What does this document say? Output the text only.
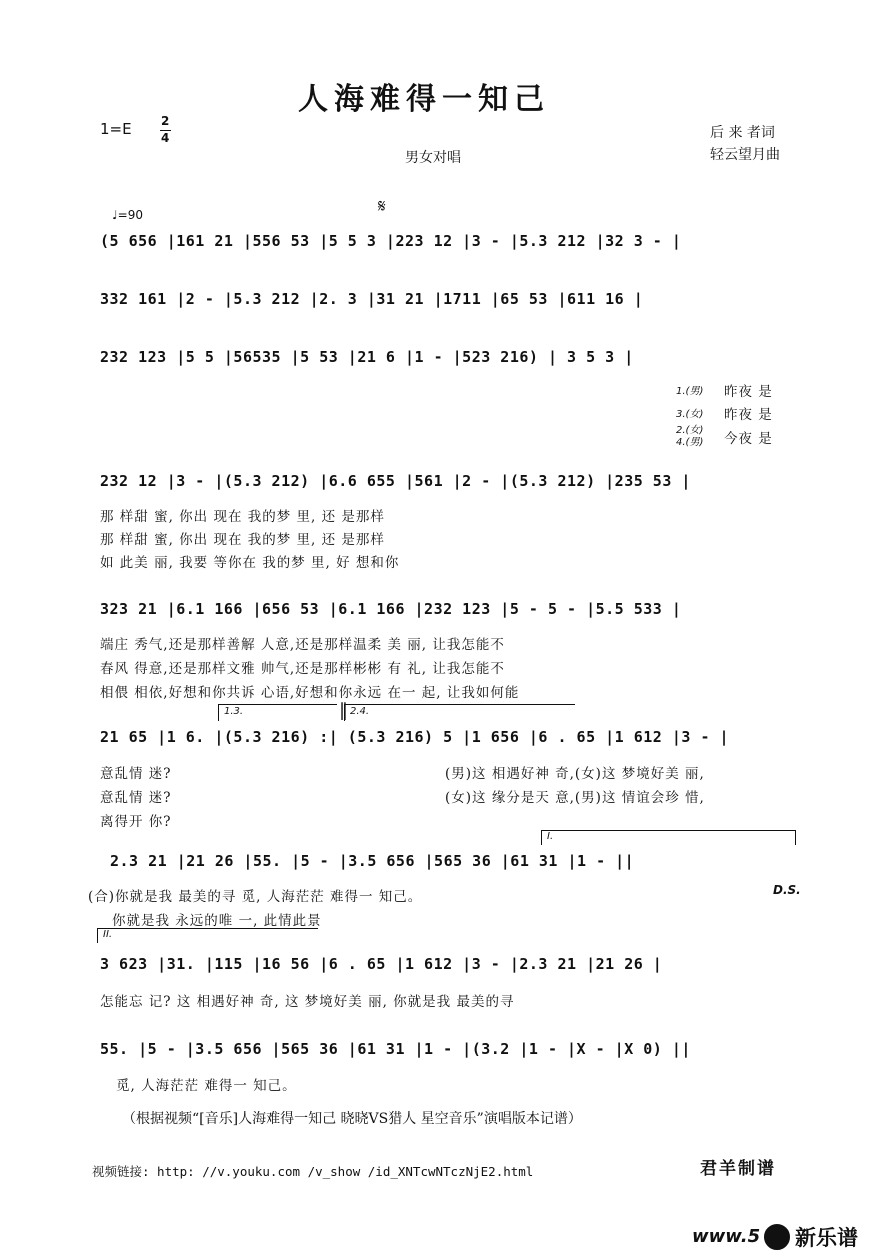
人海难得一知己
1=E 2
4
男女对唱
后 来 者词
轻云望月曲
♩=90	𝄋
(5 656 |161 21 |556 53 |5 5 3 |223 12 |3 - |5.3 212 |32 3 - |
332 161 |2 - |5.3 212 |2. 3 |31 21 |1711 |65 53 |611 16 |
232 123 |5 5 |56535 |5 53 |21 6 |1 - |523 216) | 3 5 3 |
1.(男) 昨夜 是
3.(女) 昨夜 是
2.(女)
4.(男) 今夜 是
232 12 |3 - |(5.3 212) |6.6 655 |561 |2 - |(5.3 212) |235 53 |
那 样甜 蜜, 你出 现在 我的梦 里, 还 是那样
那 样甜 蜜, 你出 现在 我的梦 里, 还 是那样
如 此美 丽, 我要 等你在 我的梦 里, 好 想和你
323 21 |6.1 166 |656 53 |6.1 166 |232 123 |5 - 5 - |5.5 533 |
端庄 秀气,还是那样善解 人意,还是那样温柔 美 丽, 让我怎能不
春风 得意,还是那样文雅 帅气,还是那样彬彬 有 礼, 让我怎能不
相偎 相依,好想和你共诉 心语,好想和你永远 在一 起, 让我如何能
1.3.	‖ 2.4.
21 65 |1 6. |(5.3 216) :| (5.3 216) 5 |1 656 |6 . 65 |1 612 |3 - |
意乱情 迷?	(男)这 相遇好神 奇,(女)这 梦境好美 丽,
意乱情 迷?	(女)这 缘分是天 意,(男)这 情谊会珍 惜,
离得开 你?
I.
2.3 21 |21 26 |55. |5 - |3.5 656 |565 36 |61 31 |1 - ||
(合)你就是我 最美的寻 觅, 人海茫茫 难得一 知己。
你就是我 永远的唯 一, 此情此景
D.S.
II.
3 623 |31. |115 |16 56 |6 . 65 |1 612 |3 - |2.3 21 |21 26 |
怎能忘 记? 这 相遇好神 奇, 这 梦境好美 丽, 你就是我 最美的寻
55. |5 - |3.5 656 |565 36 |61 31 |1 - |(3.2 |1 - |X - |X 0) ||
觅, 人海茫茫 难得一 知己。
（根据视频“[音乐]人海难得一知己 晓晓VS猎人 星空音乐”演唱版本记谱）
视频链接: http: //v.youku.com /v_show /id_XNTcwNTczNjE2.html	君羊制谱
www.5 新乐谱
